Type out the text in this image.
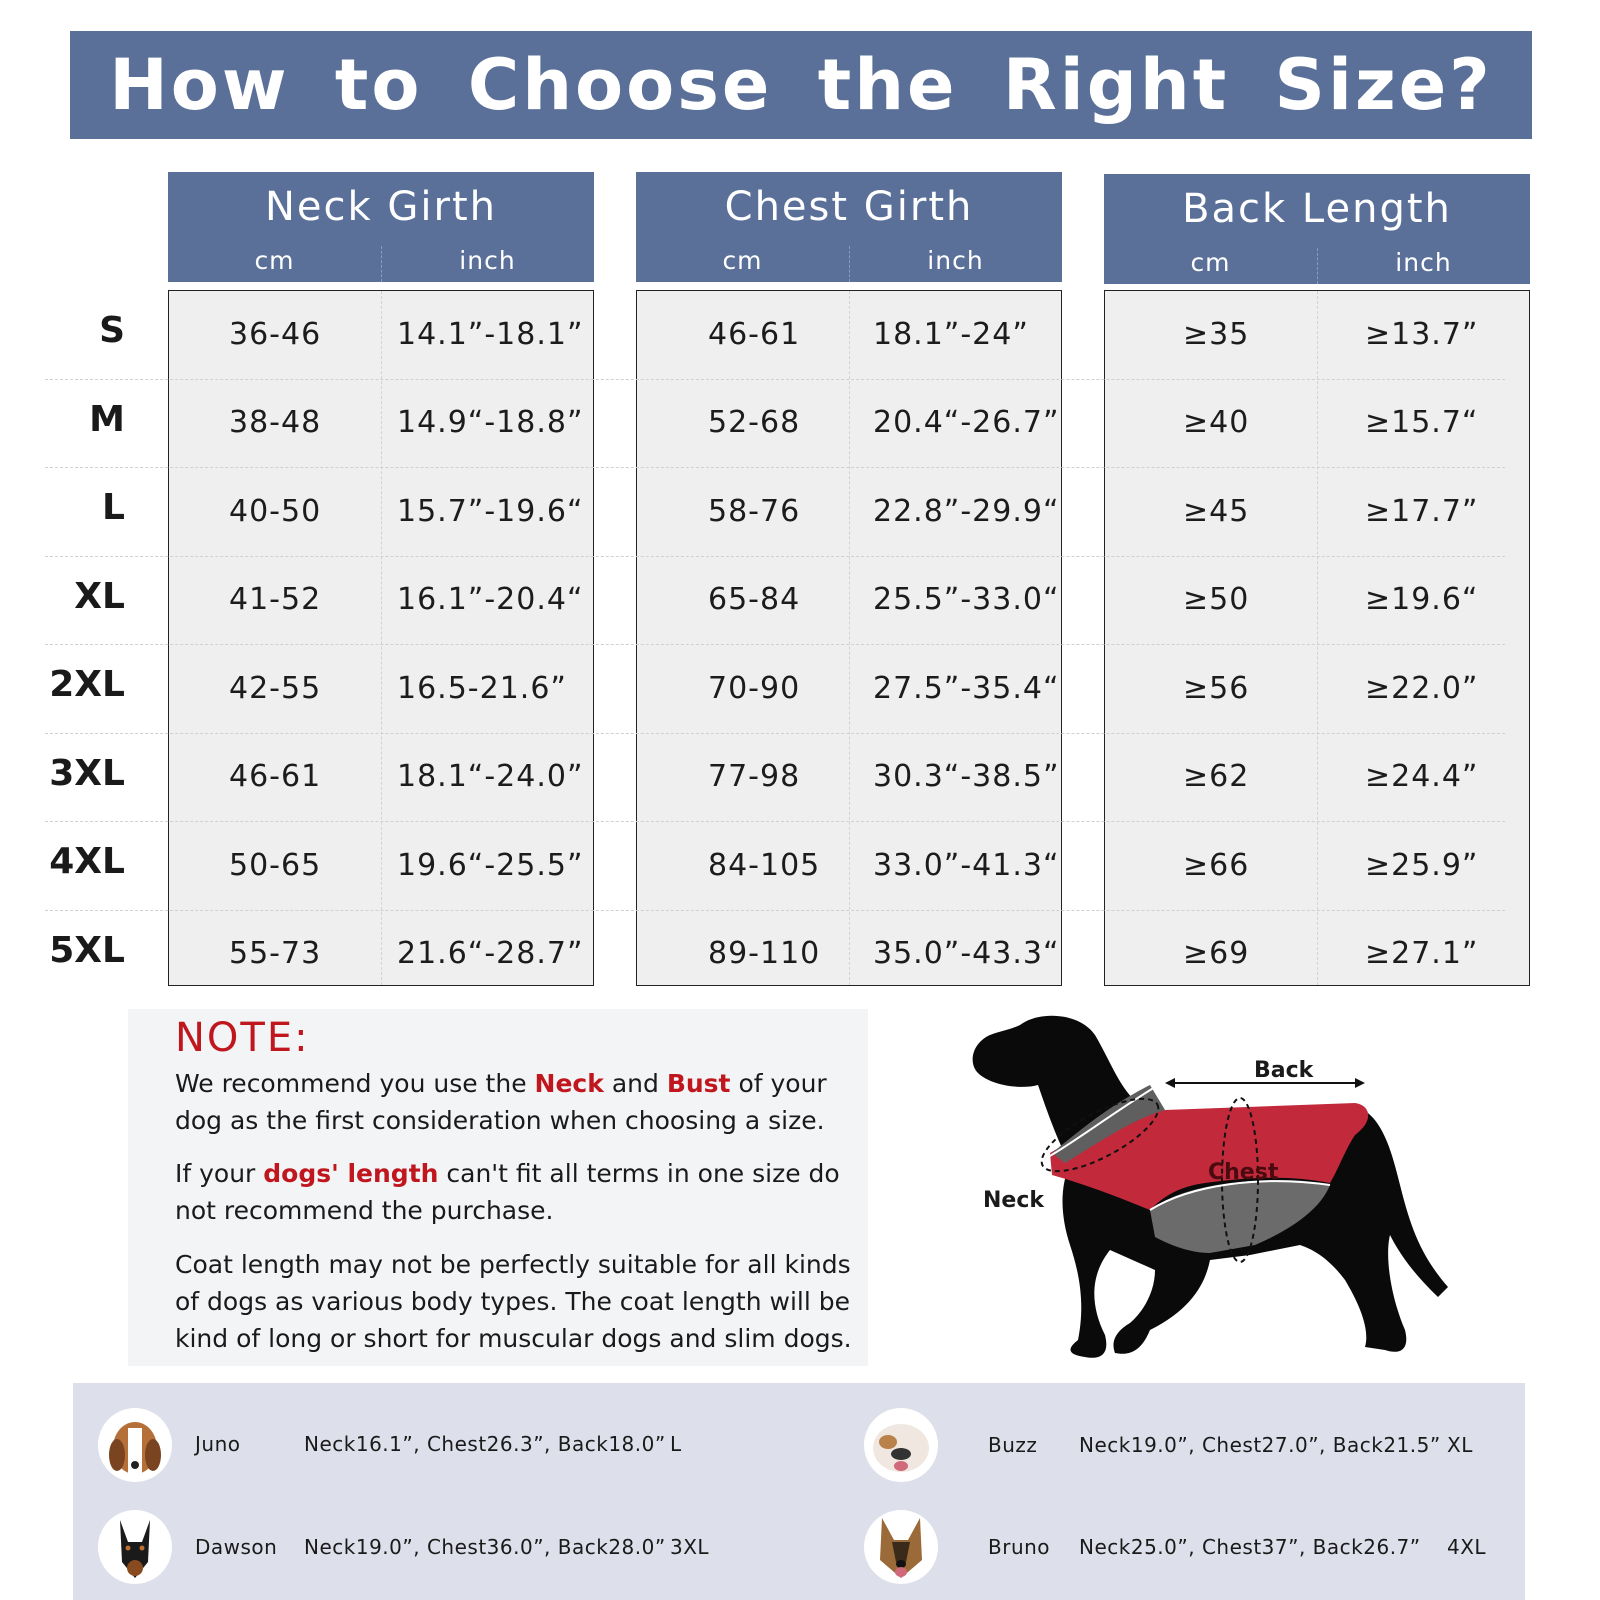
How to Choose the Right Size?
Neck Girth
cm	inch
Chest Girth
cm	inch
Back Length
cm	inch
S	36-46	14.1”-18.1”	46-61 18.1”-24”	≥35	≥13.7”
M	38-48	14.9“-18.8”	52-68 20.4“-26.7”	≥40	≥15.7“
L	40-50	15.7”-19.6“	58-76 22.8”-29.9“	≥45	≥17.7”
XL	41-52	16.1”-20.4“	65-84 25.5”-33.0“	≥50	≥19.6“
2XL	42-55	16.5-21.6”	70-90 27.5”-35.4“	≥56	≥22.0”
3XL	46-61	18.1“-24.0”	77-98 30.3“-38.5”	≥62	≥24.4”
4XL	50-65	19.6“-25.5”	84-105 33.0”-41.3“	≥66	≥25.9”
5XL	55-73	21.6“-28.7”	89-110 35.0”-43.3“	≥69	≥27.1”
NOTE:
We recommend you use the Neck and Bust of your dog as the first consideration when choosing a size.
If your dogs' length can't fit all terms in one size do not recommend the purchase.
Coat length may not be perfectly suitable for all kinds of dogs as various body types. The coat length will be kind of long or short for muscular dogs and slim dogs.
Back
Chest
Neck
Juno	Neck16.1”, Chest26.3”, Back18.0” L	Buzz Neck19.0”, Chest27.0”, Back21.5” XL
Dawson Neck19.0”, Chest36.0”, Back28.0” 3XL	Bruno Neck25.0”, Chest37”, Back26.7” 4XL
